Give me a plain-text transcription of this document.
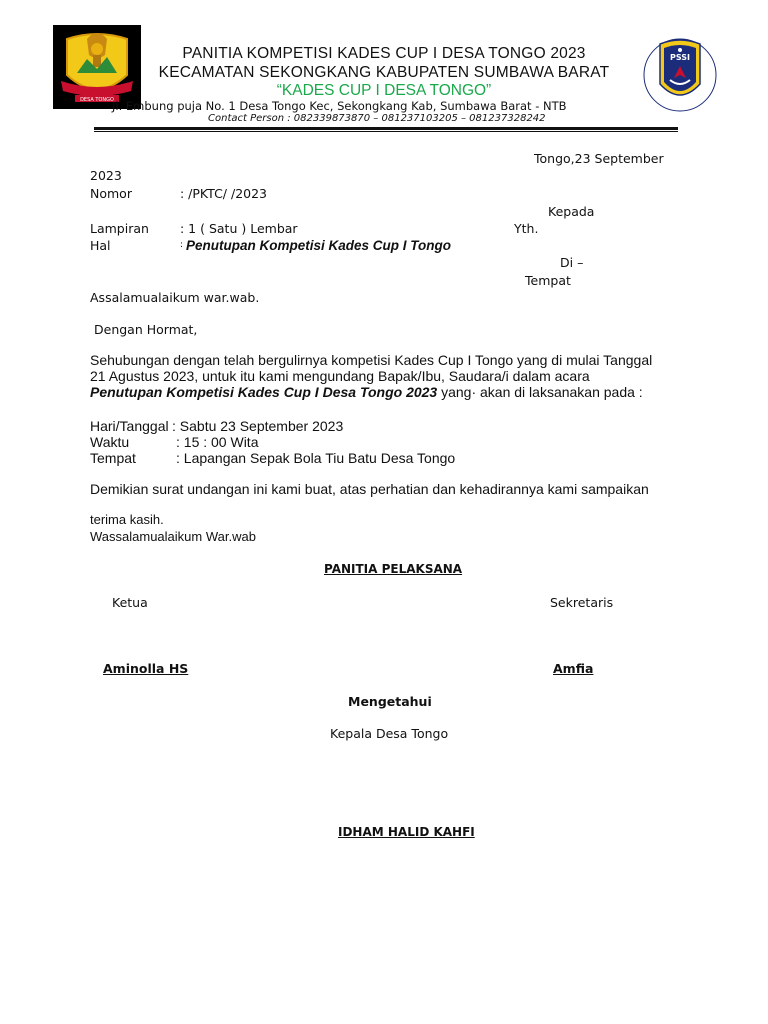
DESA TONGO
PSSI
PANITIA KOMPETISI KADES CUP I DESA TONGO 2023
KECAMATAN SEKONGKANG KABUPATEN SUMBAWA BARAT
“KADES CUP I DESA TONGO”
Jl. Embung puja No. 1 Desa Tongo Kec, Sekongkang Kab, Sumbawa Barat - NTB
Contact Person : 082339873870 – 081237103205 – 081237328242
Tongo,23 September
2023
Nomor	: /PKTC/ /2023
Kepada
Lampiran : 1 ( Satu ) Lembar	Yth.
Hal	: Penutupan Kompetisi Kades Cup I Tongo
Di –
Tempat
Assalamualaikum war.wab.
Dengan Hormat,
Sehubungan dengan telah bergulirnya kompetisi Kades Cup I Tongo yang di mulai Tanggal
21 Agustus 2023, untuk itu kami mengundang Bapak/Ibu, Saudara/i dalam acara
Penutupan Kompetisi Kades Cup I Desa Tongo 2023 yang· akan di laksanakan pada :
Hari/Tanggal : Sabtu 23 September 2023
Waktu	: 15 : 00 Wita
Tempat	: Lapangan Sepak Bola Tiu Batu Desa Tongo
Demikian surat undangan ini kami buat, atas perhatian dan kehadirannya kami sampaikan
terima kasih.
Wassalamualaikum War.wab
PANITIA PELAKSANA
Ketua	Sekretaris
Aminolla HS	Amfia
Mengetahui
Kepala Desa Tongo
IDHAM HALID KAHFI
